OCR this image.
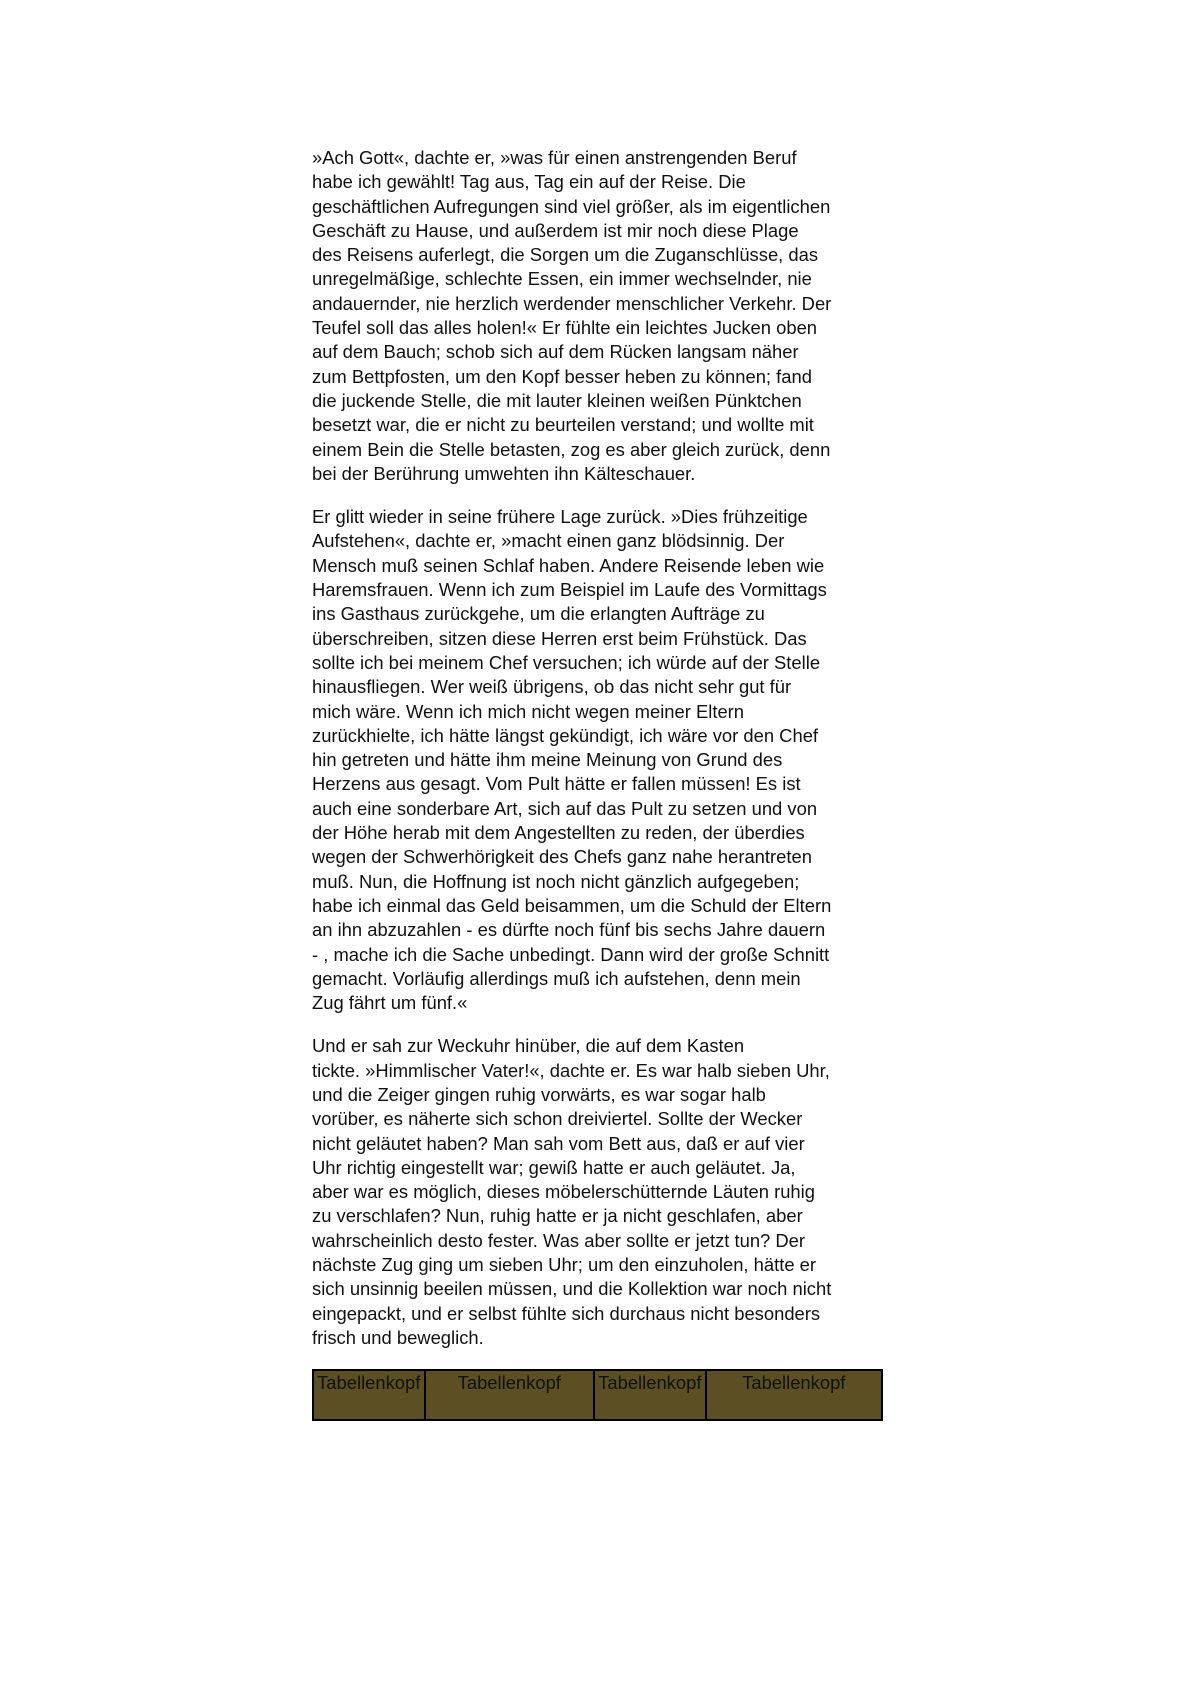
»Ach Gott«, dachte er, »was für einen anstrengenden Beruf
habe ich gewählt! Tag aus, Tag ein auf der Reise. Die
geschäftlichen Aufregungen sind viel größer, als im eigentlichen
Geschäft zu Hause, und außerdem ist mir noch diese Plage
des Reisens auferlegt, die Sorgen um die Zuganschlüsse, das
unregelmäßige, schlechte Essen, ein immer wechselnder, nie
andauernder, nie herzlich werdender menschlicher Verkehr. Der
Teufel soll das alles holen!« Er fühlte ein leichtes Jucken oben
auf dem Bauch; schob sich auf dem Rücken langsam näher
zum Bettpfosten, um den Kopf besser heben zu können; fand
die juckende Stelle, die mit lauter kleinen weißen Pünktchen
besetzt war, die er nicht zu beurteilen verstand; und wollte mit
einem Bein die Stelle betasten, zog es aber gleich zurück, denn
bei der Berührung umwehten ihn Kälteschauer.

Er glitt wieder in seine frühere Lage zurück. »Dies frühzeitige
Aufstehen«, dachte er, »macht einen ganz blödsinnig. Der
Mensch muß seinen Schlaf haben. Andere Reisende leben wie
Haremsfrauen. Wenn ich zum Beispiel im Laufe des Vormittags
ins Gasthaus zurückgehe, um die erlangten Aufträge zu
überschreiben, sitzen diese Herren erst beim Frühstück. Das
sollte ich bei meinem Chef versuchen; ich würde auf der Stelle
hinausfliegen. Wer weiß übrigens, ob das nicht sehr gut für
mich wäre. Wenn ich mich nicht wegen meiner Eltern
zurückhielte, ich hätte längst gekündigt, ich wäre vor den Chef
hin getreten und hätte ihm meine Meinung von Grund des
Herzens aus gesagt. Vom Pult hätte er fallen müssen! Es ist
auch eine sonderbare Art, sich auf das Pult zu setzen und von
der Höhe herab mit dem Angestellten zu reden, der überdies
wegen der Schwerhörigkeit des Chefs ganz nahe herantreten
muß. Nun, die Hoffnung ist noch nicht gänzlich aufgegeben;
habe ich einmal das Geld beisammen, um die Schuld der Eltern
an ihn abzuzahlen - es dürfte noch fünf bis sechs Jahre dauern
- , mache ich die Sache unbedingt. Dann wird der große Schnitt
gemacht. Vorläufig allerdings muß ich aufstehen, denn mein
Zug fährt um fünf.«

Und er sah zur Weckuhr hinüber, die auf dem Kasten
tickte. »Himmlischer Vater!«, dachte er. Es war halb sieben Uhr,
und die Zeiger gingen ruhig vorwärts, es war sogar halb
vorüber, es näherte sich schon dreiviertel. Sollte der Wecker
nicht geläutet haben? Man sah vom Bett aus, daß er auf vier
Uhr richtig eingestellt war; gewiß hatte er auch geläutet. Ja,
aber war es möglich, dieses möbelerschütternde Läuten ruhig
zu verschlafen? Nun, ruhig hatte er ja nicht geschlafen, aber
wahrscheinlich desto fester. Was aber sollte er jetzt tun? Der
nächste Zug ging um sieben Uhr; um den einzuholen, hätte er
sich unsinnig beeilen müssen, und die Kollektion war noch nicht
eingepackt, und er selbst fühlte sich durchaus nicht besonders
frisch und beweglich.

Tabellenkopf	Tabellenkopf	Tabellenkopf	Tabellenkopf
